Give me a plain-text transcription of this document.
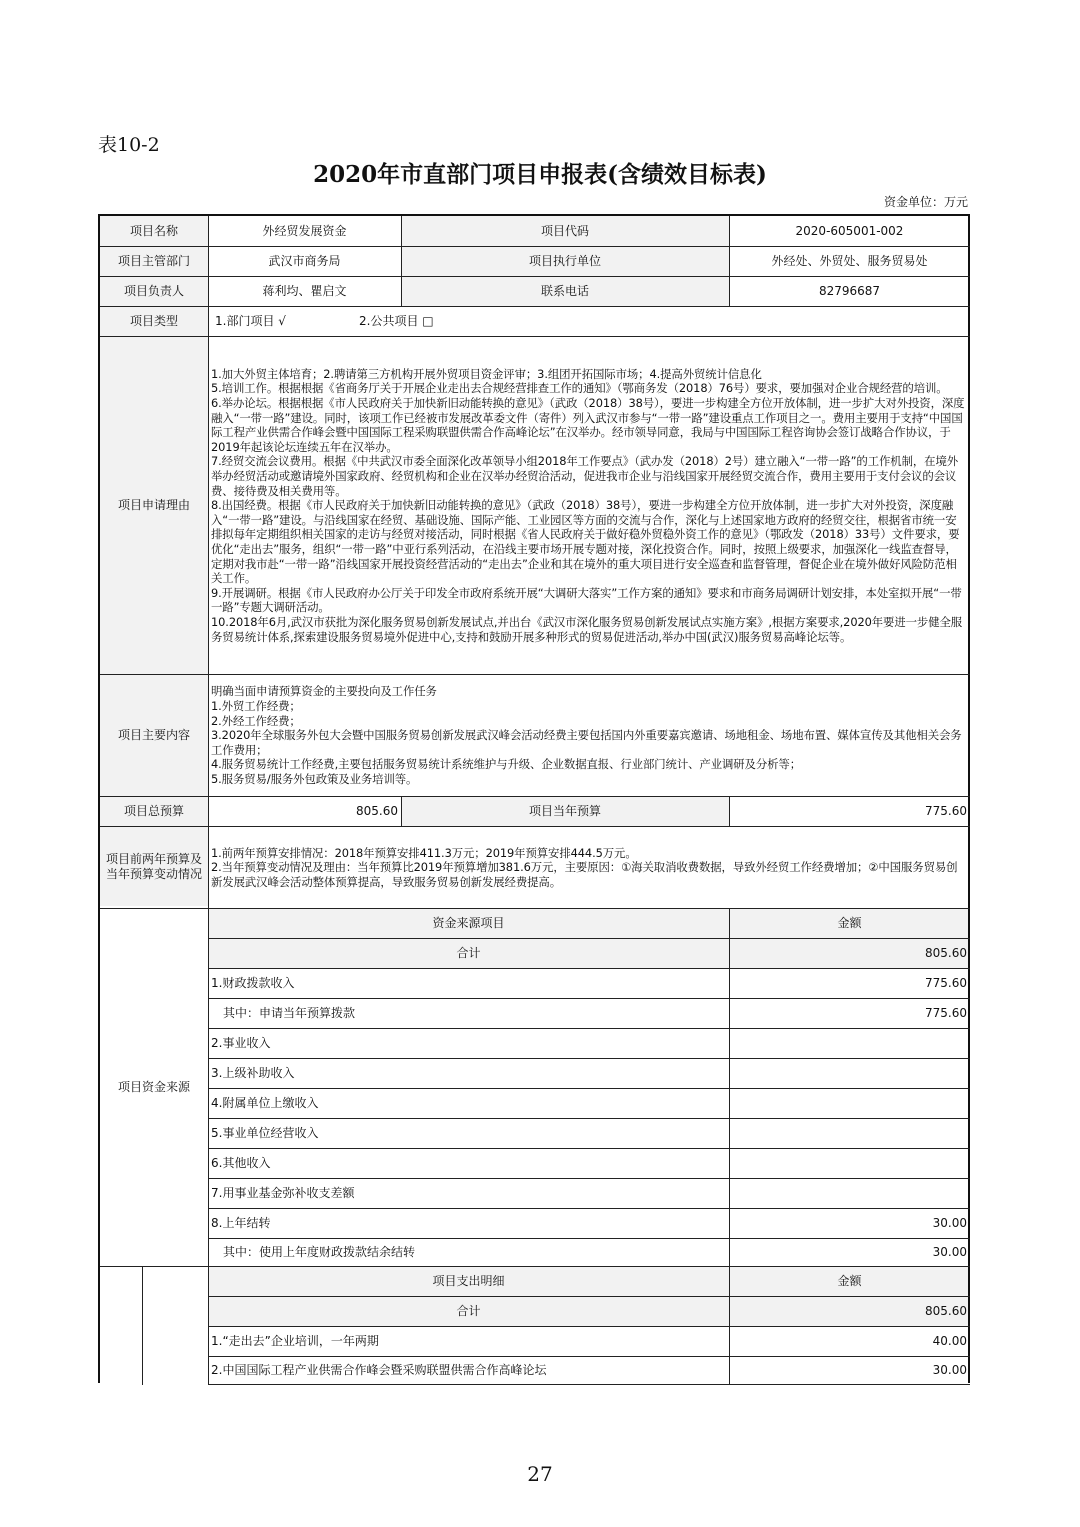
表10-2
2020年市直部门项目申报表(含绩效目标表)
资金单位：万元
项目名称	外经贸发展资金	项目代码	2020-605001-002
项目主管部门	武汉市商务局	项目执行单位	外经处、外贸处、服务贸易处
项目负责人	蒋利均、瞿启文	联系电话	82796687
项目类型	1.部门项目 √	2.公共项目 □
项目申请理由

1.加大外贸主体培育；2.聘请第三方机构开展外贸项目资金评审；3.组团开拓国际市场；4.提高外贸统计信息化

5.培训工作。根据根据《省商务厅关于开展企业走出去合规经营排查工作的通知》（鄂商务发（2018）76号）要求，要加强对企业合规经营的培训。

6.举办论坛。根据根据《市人民政府关于加快新旧动能转换的意见》（武政（2018）38号），要进一步构建全方位开放体制，进一步扩大对外投资，深度融入“一带一路”建设。同时，该项工作已经被市发展改革委文件（寄件）列入武汉市参与“一带一路”建设重点工作项目之一。费用主要用于支持“中国国际工程产业供需合作峰会暨中国国际工程采购联盟供需合作高峰论坛”在汉举办。经市领导同意，我局与中国国际工程咨询协会签订战略合作协议，于2019年起该论坛连续五年在汉举办。

7.经贸交流会议费用。根据《中共武汉市委全面深化改革领导小组2018年工作要点》（武办发（2018）2号）建立融入“一带一路”的工作机制，在境外举办经贸活动或邀请境外国家政府、经贸机构和企业在汉举办经贸洽活动，促进我市企业与沿线国家开展经贸交流合作，费用主要用于支付会议的会议费、接待费及相关费用等。

8.出国经费。根据《市人民政府关于加快新旧动能转换的意见》（武政（2018）38号），要进一步构建全方位开放体制，进一步扩大对外投资，深度融入“一带一路”建设。与沿线国家在经贸、基础设施、国际产能、工业园区等方面的交流与合作，深化与上述国家地方政府的经贸交往，根据省市统一安排拟每年定期组织相关国家的走访与经贸对接活动，同时根据《省人民政府关于做好稳外贸稳外资工作的意见》（鄂政发（2018）33号）文件要求，要优化“走出去”服务，组织“一带一路”中亚行系列活动，在沿线主要市场开展专题对接，深化投资合作。同时，按照上级要求，加强深化一线监查督导，定期对我市赴“一带一路”沿线国家开展投资经营活动的“走出去”企业和其在境外的重大项目进行安全巡查和监督管理，督促企业在境外做好风险防范相关工作。

9.开展调研。根据《市人民政府办公厅关于印发全市政府系统开展“大调研大落实”工作方案的通知》要求和市商务局调研计划安排，本处室拟开展“一带一路”专题大调研活动。

10.2018年6月,武汉市获批为深化服务贸易创新发展试点,并出台《武汉市深化服务贸易创新发展试点实施方案》,根据方案要求,2020年要进一步健全服务贸易统计体系,探索建设服务贸易境外促进中心,支持和鼓励开展多种形式的贸易促进活动,举办中国(武汉)服务贸易高峰论坛等。

项目主要内容

明确当面申请预算资金的主要投向及工作任务

1.外贸工作经费；

2.外经工作经费；

3.2020年全球服务外包大会暨中国服务贸易创新发展武汉峰会活动经费主要包括国内外重要嘉宾邀请、场地租金、场地布置、媒体宣传及其他相关会务工作费用；

4.服务贸易统计工作经费,主要包括服务贸易统计系统维护与升级、企业数据直报、行业部门统计、产业调研及分析等；

5.服务贸易/服务外包政策及业务培训等。

项目总预算	805.60	项目当年预算	775.60
项目前两年预算及当年预算变动情况

1.前两年预算安排情况：2018年预算安排411.3万元；2019年预算安排444.5万元。

2.当年预算变动情况及理由：当年预算比2019年预算增加381.6万元，主要原因：①海关取消收费数据，导致外经贸工作经费增加；②中国服务贸易创新发展武汉峰会活动整体预算提高，导致服务贸易创新发展经费提高。

项目资金来源
资金来源项目	金额
合计	805.60
1.财政拨款收入	775.60
其中：申请当年预算拨款	775.60
2.事业收入
3.上级补助收入
4.附属单位上缴收入
5.事业单位经营收入
6.其他收入
7.用事业基金弥补收支差额
8.上年结转	30.00
其中：使用上年度财政拨款结余结转	30.00
项目支出明细	金额
合计	805.60
1.“走出去”企业培训，一年两期	40.00
2.中国国际工程产业供需合作峰会暨采购联盟供需合作高峰论坛	30.00
27
